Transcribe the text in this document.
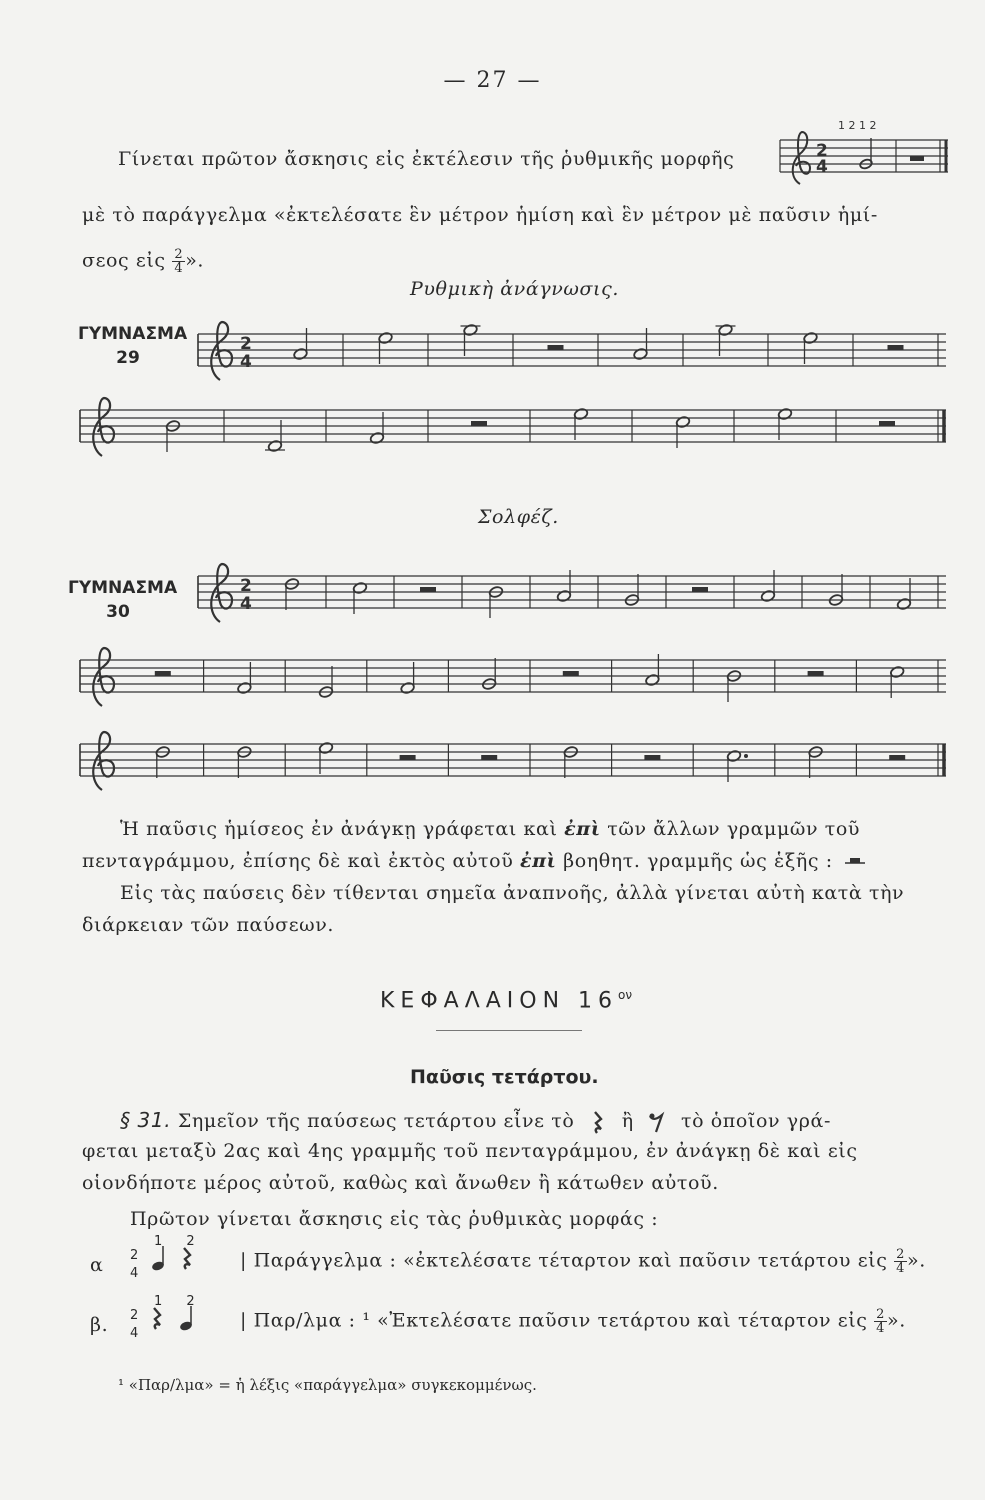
— 27 —
Γίνεται πρῶτον ἄσκησις εἰς ἐκτέλεσιν τῆς ῥυθμικῆς μορφῆς
1 2 1 2
2
4
μὲ τὸ παράγγελμα «ἐκτελέσατε ἓν μέτρον ἡμίση καὶ ἓν μέτρον μὲ παῦσιν ἡμί-
σεος εἰς $\frac{2}{4}$ ».
Ρυθμικὴ ἀνάγνωσις.
ΓΥΜΝΑΣΜΑ
29
2
4
Σολφέζ.
ΓΥΜΝΑΣΜΑ
30
2
4
Ἡ παῦσις ἡμίσεος ἐν ἀνάγκῃ γράφεται καὶ ἐπὶ τῶν ἄλλων γραμμῶν τοῦ
πενταγράμμου, ἐπίσης δὲ καὶ ἐκτὸς αὐτοῦ ἐπὶ βοηθητ. γραμμῆς ὡς ἑξῆς :
Εἰς τὰς παύσεις δὲν τίθενται σημεῖα ἀναπνοῆς, ἀλλὰ γίνεται αὐτὴ κατὰ τὴν
διάρκειαν τῶν παύσεων.
ΚΕΦΑΛΑΙΟΝ $16^{o\nu}$
Παῦσις τετάρτου.
§ 31. Σημεῖον τῆς παύσεως τετάρτου εἶνε τὸ ἢ τὸ ὁποῖον γρά-
φεται μεταξὺ 2ας καὶ 4ης γραμμῆς τοῦ πενταγράμμου, ἐν ἀνάγκῃ δὲ καὶ εἰς
οἱονδήποτε μέρος αὐτοῦ, καθὼς καὶ ἄνωθεν ἢ κάτωθεν αὐτοῦ.
Πρῶτον γίνεται ἄσκησις εἰς τὰς ῥυθμικὰς μορφάς :
α
1 2
2
4
| Παράγγελμα : «ἐκτελέσατε τέταρτον καὶ παῦσιν τετάρτου εἰς $\frac{2}{4}$ ».
β.
1 2
2
4
| Παρ/λμα : ¹ «Ἐκτελέσατε παῦσιν τετάρτου καὶ τέταρτον εἰς $\frac{2}{4}$ ».
¹ «Παρ/λμα» = ἡ λέξις «παράγγελμα» συγκεκομμένως.
